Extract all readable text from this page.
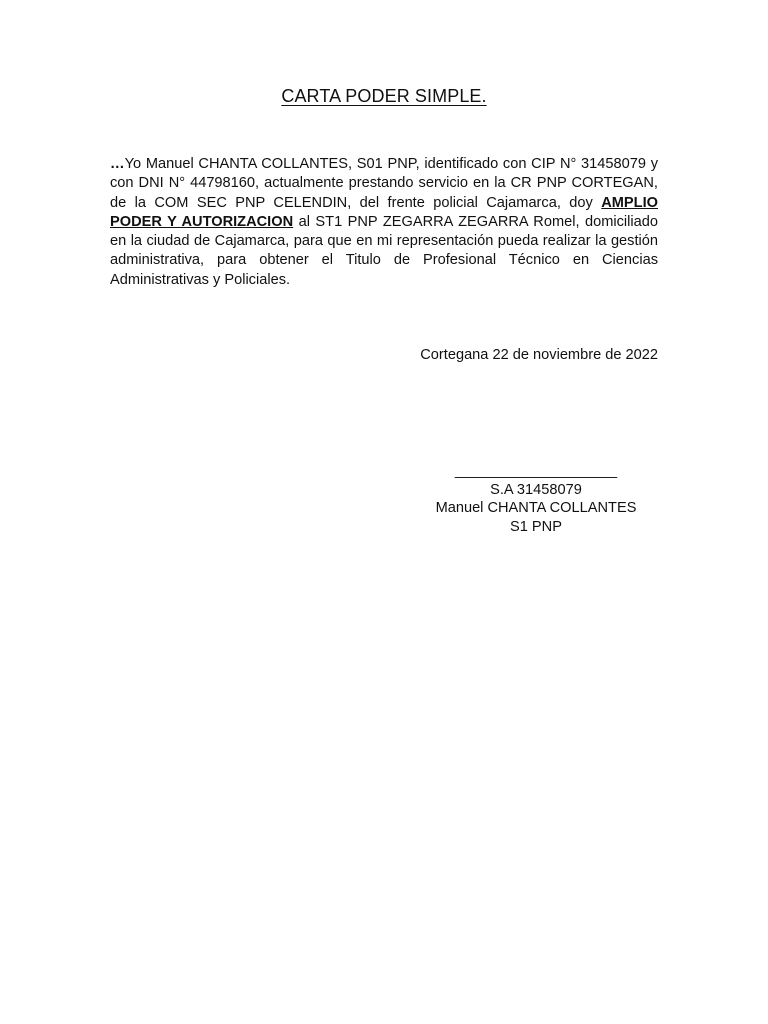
CARTA PODER SIMPLE.

…Yo Manuel CHANTA COLLANTES, S01 PNP, identificado con CIP N° 31458079 y con DNI N° 44798160, actualmente prestando servicio en la CR PNP CORTEGAN, de la COM SEC PNP CELENDIN, del frente policial Cajamarca, doy AMPLIO PODER Y AUTORIZACION al ST1 PNP ZEGARRA ZEGARRA Romel, domiciliado en la ciudad de Cajamarca, para que en mi representación pueda realizar la gestión administrativa, para obtener el Titulo de Profesional Técnico en Ciencias Administrativas y Policiales.

Cortegana 22 de noviembre de 2022
____________________
S.A 31458079
Manuel CHANTA COLLANTES
S1 PNP
